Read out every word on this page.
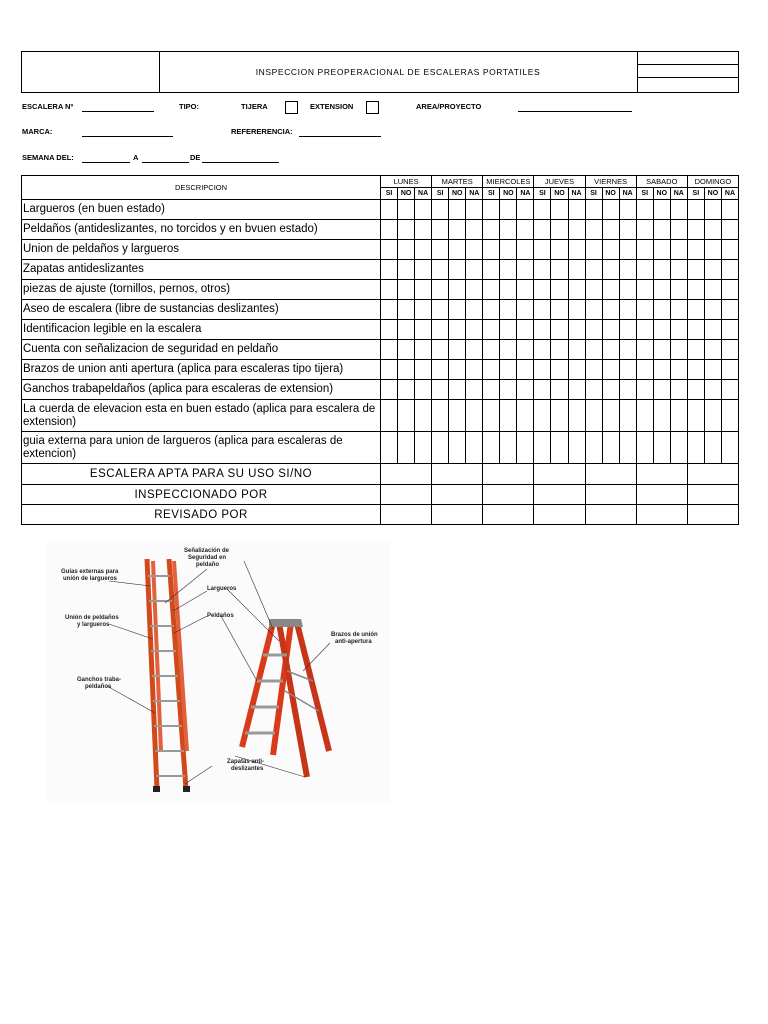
INSPECCION PREOPERACIONAL DE ESCALERAS PORTATILES
ESCALERA Nº	TIPO:	TIJERA	EXTENSION	AREA/PROYECTO
MARCA:	REFERERENCIA:
SEMANA DEL:	A	DE
DESCRIPCION	LUNES			MARTES			MIERCOLES			JUEVES			VIERNES			SABADO			DOMINGO		
	SI	NO	NA	SI	NO	NA	SI	NO	NA	SI	NO	NA	SI	NO	NA	SI	NO	NA	SI	NO	NA
Largueros (en buen estado)																					
Peldaños (antideslizantes, no torcidos y en bvuen estado)																					
Union de peldaños y largueros																					
Zapatas antideslizantes																					
piezas de ajuste (tornillos, pernos, otros)																					
Aseo de escalera (libre de sustancias deslizantes)																					
Identificacion legible en la escalera																					
Cuenta con señalizacion de seguridad en peldaño																					
Brazos de union anti apertura (aplica para escaleras tipo tijera)																					
Ganchos trabapeldaños (aplica para escaleras de extension)																					
La cuerda de elevacion esta en buen estado (aplica para escalera de extension)																					
guia externa para union de largueros (aplica para escaleras de extencion)																					
ESCALERA APTA PARA SU USO SI/NO																					
INSPECCIONADO POR																					
REVISADO POR																					
Señalización de
Seguridad en
peldaño
Guías externas para
unión de largueros
Largueros
Peldaños
Unión de peldaños
y largueros
Brazos de unión
anti-apertura
Ganchos traba-
peldaños
Zapatas anti-
deslizantes
